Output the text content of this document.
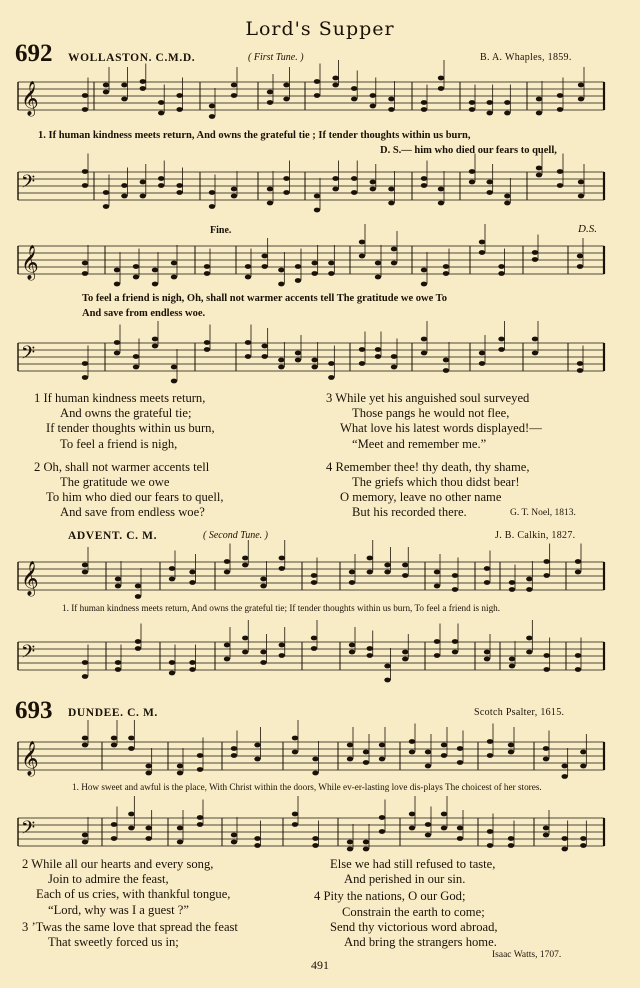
Lord's Supper
692 WOLLASTON. C.M.D.	( First Tune. )	B. A. Whaples, 1859.
𝄞
𝄢
1. If human kindness meets return, And owns the grateful tie ; If tender thoughts within us burn,
D. S.— him who died our fears to quell,
Fine.	D.S.
𝄞
To feel a friend is nigh, Oh, shall not warmer accents tell The gratitude we owe To
And save from endless woe.
𝄢
1 If human kindness meets return,
And owns the grateful tie;
If tender thoughts within us burn,
To feel a friend is nigh,
2 Oh, shall not warmer accents tell
The gratitude we owe
To him who died our fears to quell,
And save from endless woe?
3 While yet his anguished soul surveyed
Those pangs he would not flee,
What love his latest words displayed!—
“Meet and remember me.”
4 Remember thee! thy death, thy shame,
The griefs which thou didst bear!
O memory, leave no other name
But his recorded there.	G. T. Noel, 1813.
ADVENT. C. M.	( Second Tune. )	J. B. Calkin, 1827.
𝄞
1. If human kindness meets return, And owns the grateful tie; If tender thoughts within us burn, To feel a friend is nigh.
𝄢
693 DUNDEE. C. M.	Scotch Psalter, 1615.
𝄞
1. How sweet and awful is the place, With Christ within the doors, While ev-er-lasting love dis-plays The choicest of her stores.
𝄢
2 While all our hearts and every song,
Join to admire the feast,
Each of us cries, with thankful tongue,
“Lord, why was I a guest ?”
3 ’Twas the same love that spread the feast
That sweetly forced us in;
Else we had still refused to taste,
And perished in our sin.
4 Pity the nations, O our God;
Constrain the earth to come;
Send thy victorious word abroad,
And bring the strangers home.
Isaac Watts, 1707.
491
